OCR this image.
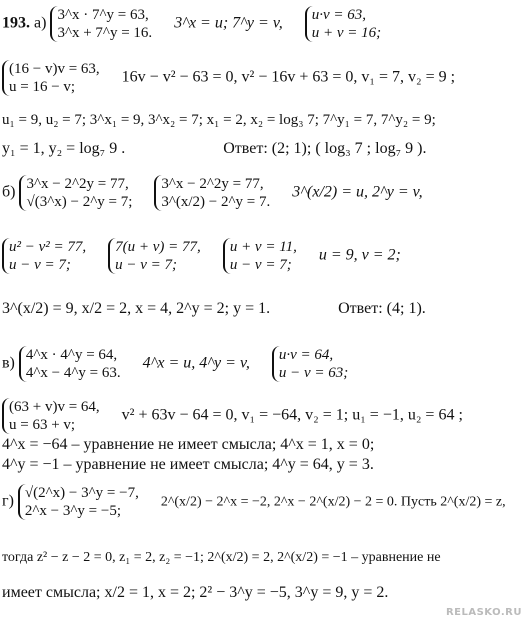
193. а) 3^x · 7^y = 63,
3^x + 7^y = 16.
3^x = u; 7^y = v, u·v = 63,
u + v = 16;
(16 − v)v = 63,
u = 16 − v;
16v − v² − 63 = 0, v² − 16v + 63 = 0, v₁ = 7, v₂ = 9 ;
u₁ = 9, u₂ = 7; 3^x₁ = 9, 3^x₂ = 7; x₁ = 2, x₂ = log₃ 7; 7^y₁ = 7, 7^y₂ = 9;
y₁ = 1, y₂ = log₇ 9 .	Ответ: (2; 1); ( log₃ 7 ; log₇ 9 ).
б) 3^x − 2^2y = 77,
√(3^x) − 2^y = 7;

3^x − 2^2y = 77,
3^(x/2) − 2^y = 7.
3^(x/2) = u, 2^y = v,
u² − v² = 77,
u − v = 7;

7(u + v) = 77,
u − v = 7;

u + v = 11,
u − v = 7;
u = 9, v = 2;
3^(x/2) = 9, x/2 = 2, x = 4, 2^y = 2; y = 1.	Ответ: (4; 1).
в) 4^x · 4^y = 64,
4^x − 4^y = 63.
4^x = u, 4^y = v, u·v = 64,
u − v = 63;
(63 + v)v = 64,
u = 63 + v;
v² + 63v − 64 = 0, v₁ = −64, v₂ = 1; u₁ = −1, u₂ = 64 ;
4^x = −64 – уравнение не имеет смысла; 4^x = 1, x = 0;
4^y = −1 – уравнение не имеет смысла; 4^y = 64, y = 3.
г) √(2^x) − 3^y = −7,
2^x − 3^y = −5;
2^(x/2) − 2^x = −2, 2^x − 2^(x/2) − 2 = 0. Пусть 2^(x/2) = z,
тогда z² − z − 2 = 0, z₁ = 2, z₂ = −1; 2^(x/2) = 2, 2^(x/2) = −1 – уравнение не
имеет смысла; x/2 = 1, x = 2; 2² − 3^y = −5, 3^y = 9, y = 2.
RELASKO.RU
